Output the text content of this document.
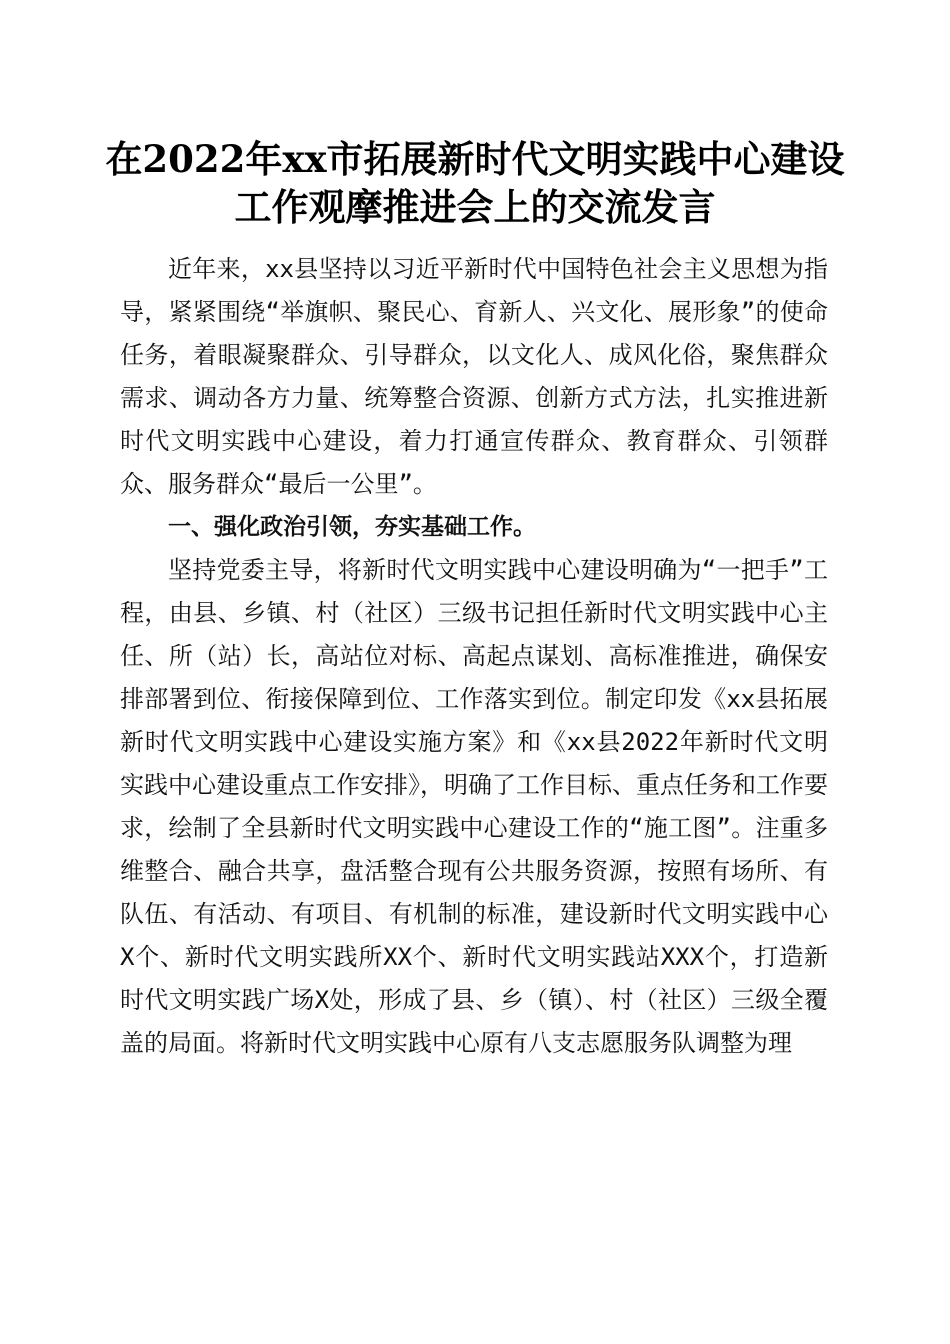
在2022年xx市拓展新时代文明实践中心建设
工作观摩推进会上的交流发言

近年来，xx县坚持以习近平新时代中国特色社会主义思想为指导，紧紧围绕“举旗帜、聚民心、育新人、兴文化、展形象”的使命任务，着眼凝聚群众、引导群众，以文化人、成风化俗，聚焦群众需求、调动各方力量、统筹整合资源、创新方式方法，扎实推进新时代文明实践中心建设，着力打通宣传群众、教育群众、引领群众、服务群众“最后一公里”。

一、强化政治引领，夯实基础工作。

坚持党委主导，将新时代文明实践中心建设明确为“一把手”工程，由县、乡镇、村（社区）三级书记担任新时代文明实践中心主任、所（站）长，高站位对标、高起点谋划、高标准推进，确保安排部署到位、衔接保障到位、工作落实到位。制定印发《xx县拓展新时代文明实践中心建设实施方案》和《xx县2022年新时代文明实践中心建设重点工作安排》，明确了工作目标、重点任务和工作要求，绘制了全县新时代文明实践中心建设工作的“施工图”。注重多维整合、融合共享，盘活整合现有公共服务资源，按照有场所、有队伍、有活动、有项目、有机制的标准，建设新时代文明实践中心X个、新时代文明实践所XX个、新时代文明实践站XXX个，打造新时代文明实践广场X处，形成了县、乡（镇）、村（社区）三级全覆盖的局面。将新时代文明实践中心原有八支志愿服务队调整为理
